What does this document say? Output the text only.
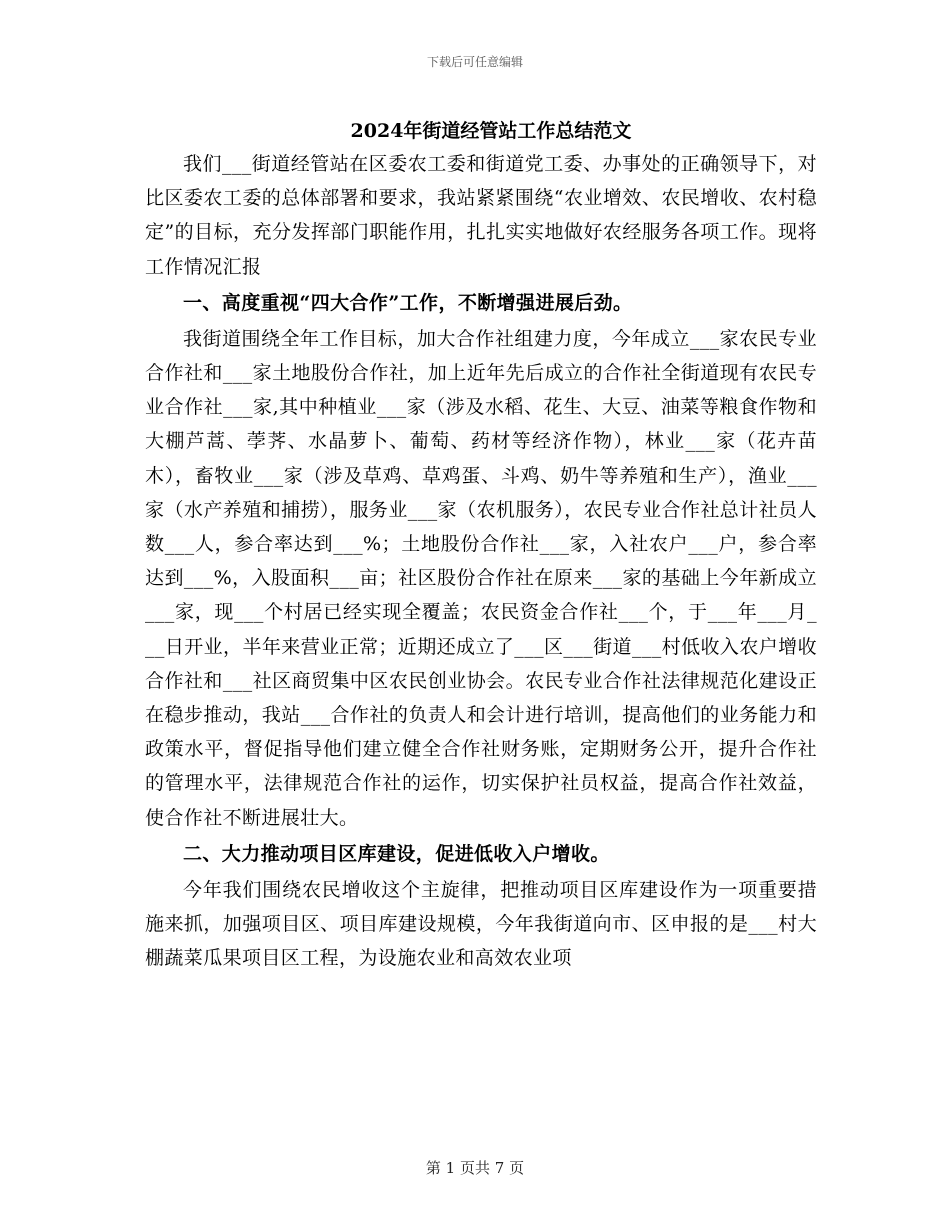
下载后可任意编辑

2024年街道经管站工作总结范文

我们___街道经管站在区委农工委和街道党工委、办事处的正确领导下，对比区委农工委的总体部署和要求，我站紧紧围绕“农业增效、农民增收、农村稳定”的目标，充分发挥部门职能作用，扎扎实实地做好农经服务各项工作。现将工作情况汇报

一、高度重视“四大合作”工作，不断增强进展后劲。

我街道围绕全年工作目标，加大合作社组建力度，今年成立___家农民专业合作社和___家土地股份合作社，加上近年先后成立的合作社全街道现有农民专业合作社___家,其中种植业___家（涉及水稻、花生、大豆、油菜等粮食作物和大棚芦蒿、荸荠、水晶萝卜、葡萄、药材等经济作物），林业___家（花卉苗木），畜牧业___家（涉及草鸡、草鸡蛋、斗鸡、奶牛等养殖和生产），渔业___家（水产养殖和捕捞），服务业___家（农机服务），农民专业合作社总计社员人数___人，参合率达到___%；土地股份合作社___家，入社农户___户，参合率达到___%，入股面积___亩；社区股份合作社在原来___家的基础上今年新成立___家，现___个村居已经实现全覆盖；农民资金合作社___个，于___年___月___日开业，半年来营业正常；近期还成立了___区___街道___村低收入农户增收合作社和___社区商贸集中区农民创业协会。农民专业合作社法律规范化建设正在稳步推动，我站___合作社的负责人和会计进行培训，提高他们的业务能力和政策水平，督促指导他们建立健全合作社财务账，定期财务公开，提升合作社的管理水平，法律规范合作社的运作，切实保护社员权益，提高合作社效益，使合作社不断进展壮大。

二、大力推动项目区库建设，促进低收入户增收。

今年我们围绕农民增收这个主旋律，把推动项目区库建设作为一项重要措施来抓，加强项目区、项目库建设规模，今年我街道向市、区申报的是___村大棚蔬菜瓜果项目区工程，为设施农业和高效农业项

第 1 页共 7 页
